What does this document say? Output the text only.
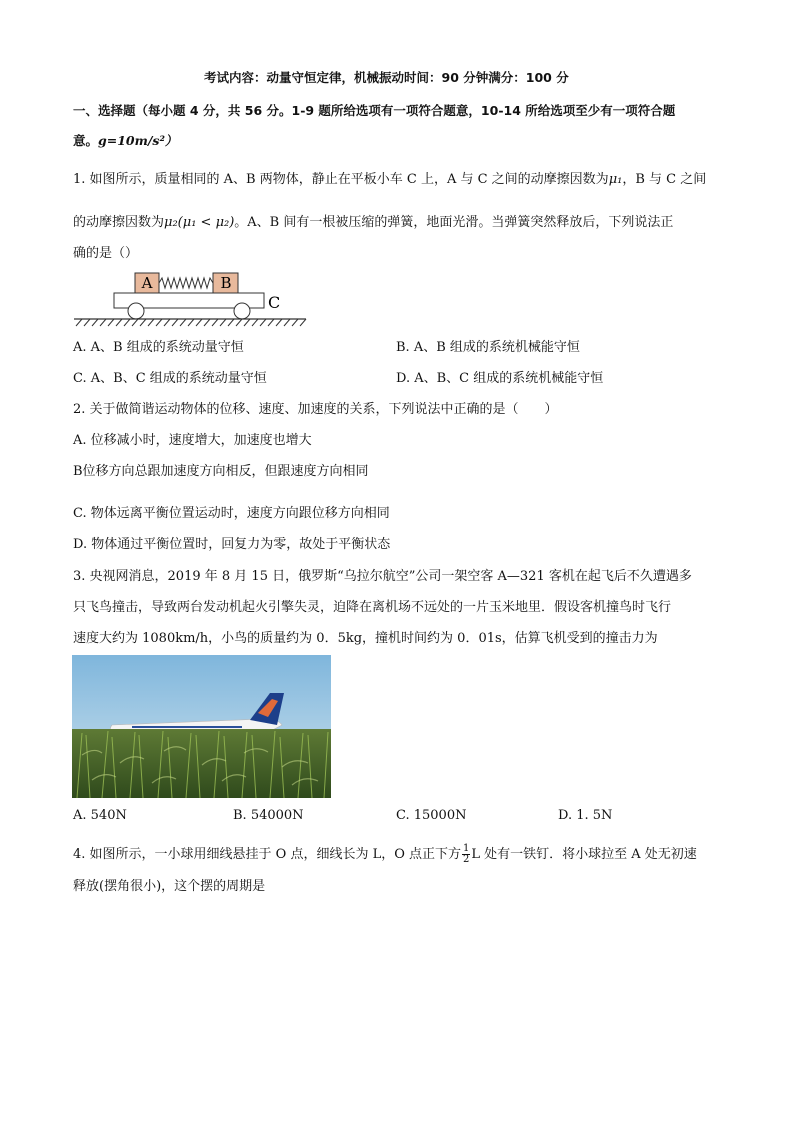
考试内容：动量守恒定律，机械振动时间：90 分钟满分：100 分
一、选择题（每小题 4 分，共 56 分。1-9 题所给选项有一项符合题意，10-14 所给选项至少有一项符合题
意。g=10m/s²）
1. 如图所示，质量相同的 A、B 两物体，静止在平板小车 C 上，A 与 C 之间的动摩擦因数为μ₁，B 与 C 之间
的动摩擦因数为μ₂(μ₁ < μ₂)。A、B 间有一根被压缩的弹簧，地面光滑。当弹簧突然释放后，下列说法正
确的是（）
A	B
C
A. A、B 组成的系统动量守恒	B. A、B 组成的系统机械能守恒
C. A、B、C 组成的系统动量守恒	D. A、B、C 组成的系统机械能守恒
2. 关于做简谐运动物体的位移、速度、加速度的关系，下列说法中正确的是（　　）
A. 位移减小时，速度增大，加速度也增大
B位移方向总跟加速度方向相反，但跟速度方向相同
C. 物体远离平衡位置运动时，速度方向跟位移方向相同
D. 物体通过平衡位置时，回复力为零，故处于平衡状态
3. 央视网消息，2019 年 8 月 15 日，俄罗斯“乌拉尔航空”公司一架空客 A—321 客机在起飞后不久遭遇多
只飞鸟撞击，导致两台发动机起火引擎失灵，迫降在离机场不远处的一片玉米地里．假设客机撞鸟时飞行
速度大约为 1080km/h，小鸟的质量约为 0．5kg，撞机时间约为 0．01s，估算飞机受到的撞击力为
A. 540N	B. 54000N	C. 15000N	D. 1. 5N
4. 如图所示，一小球用细线悬挂于 O 点，细线长为 L，O 点正下方 $\frac{1}{2}$ L 处有一铁钉．将小球拉至 A 处无初速
释放(摆角很小)，这个摆的周期是
